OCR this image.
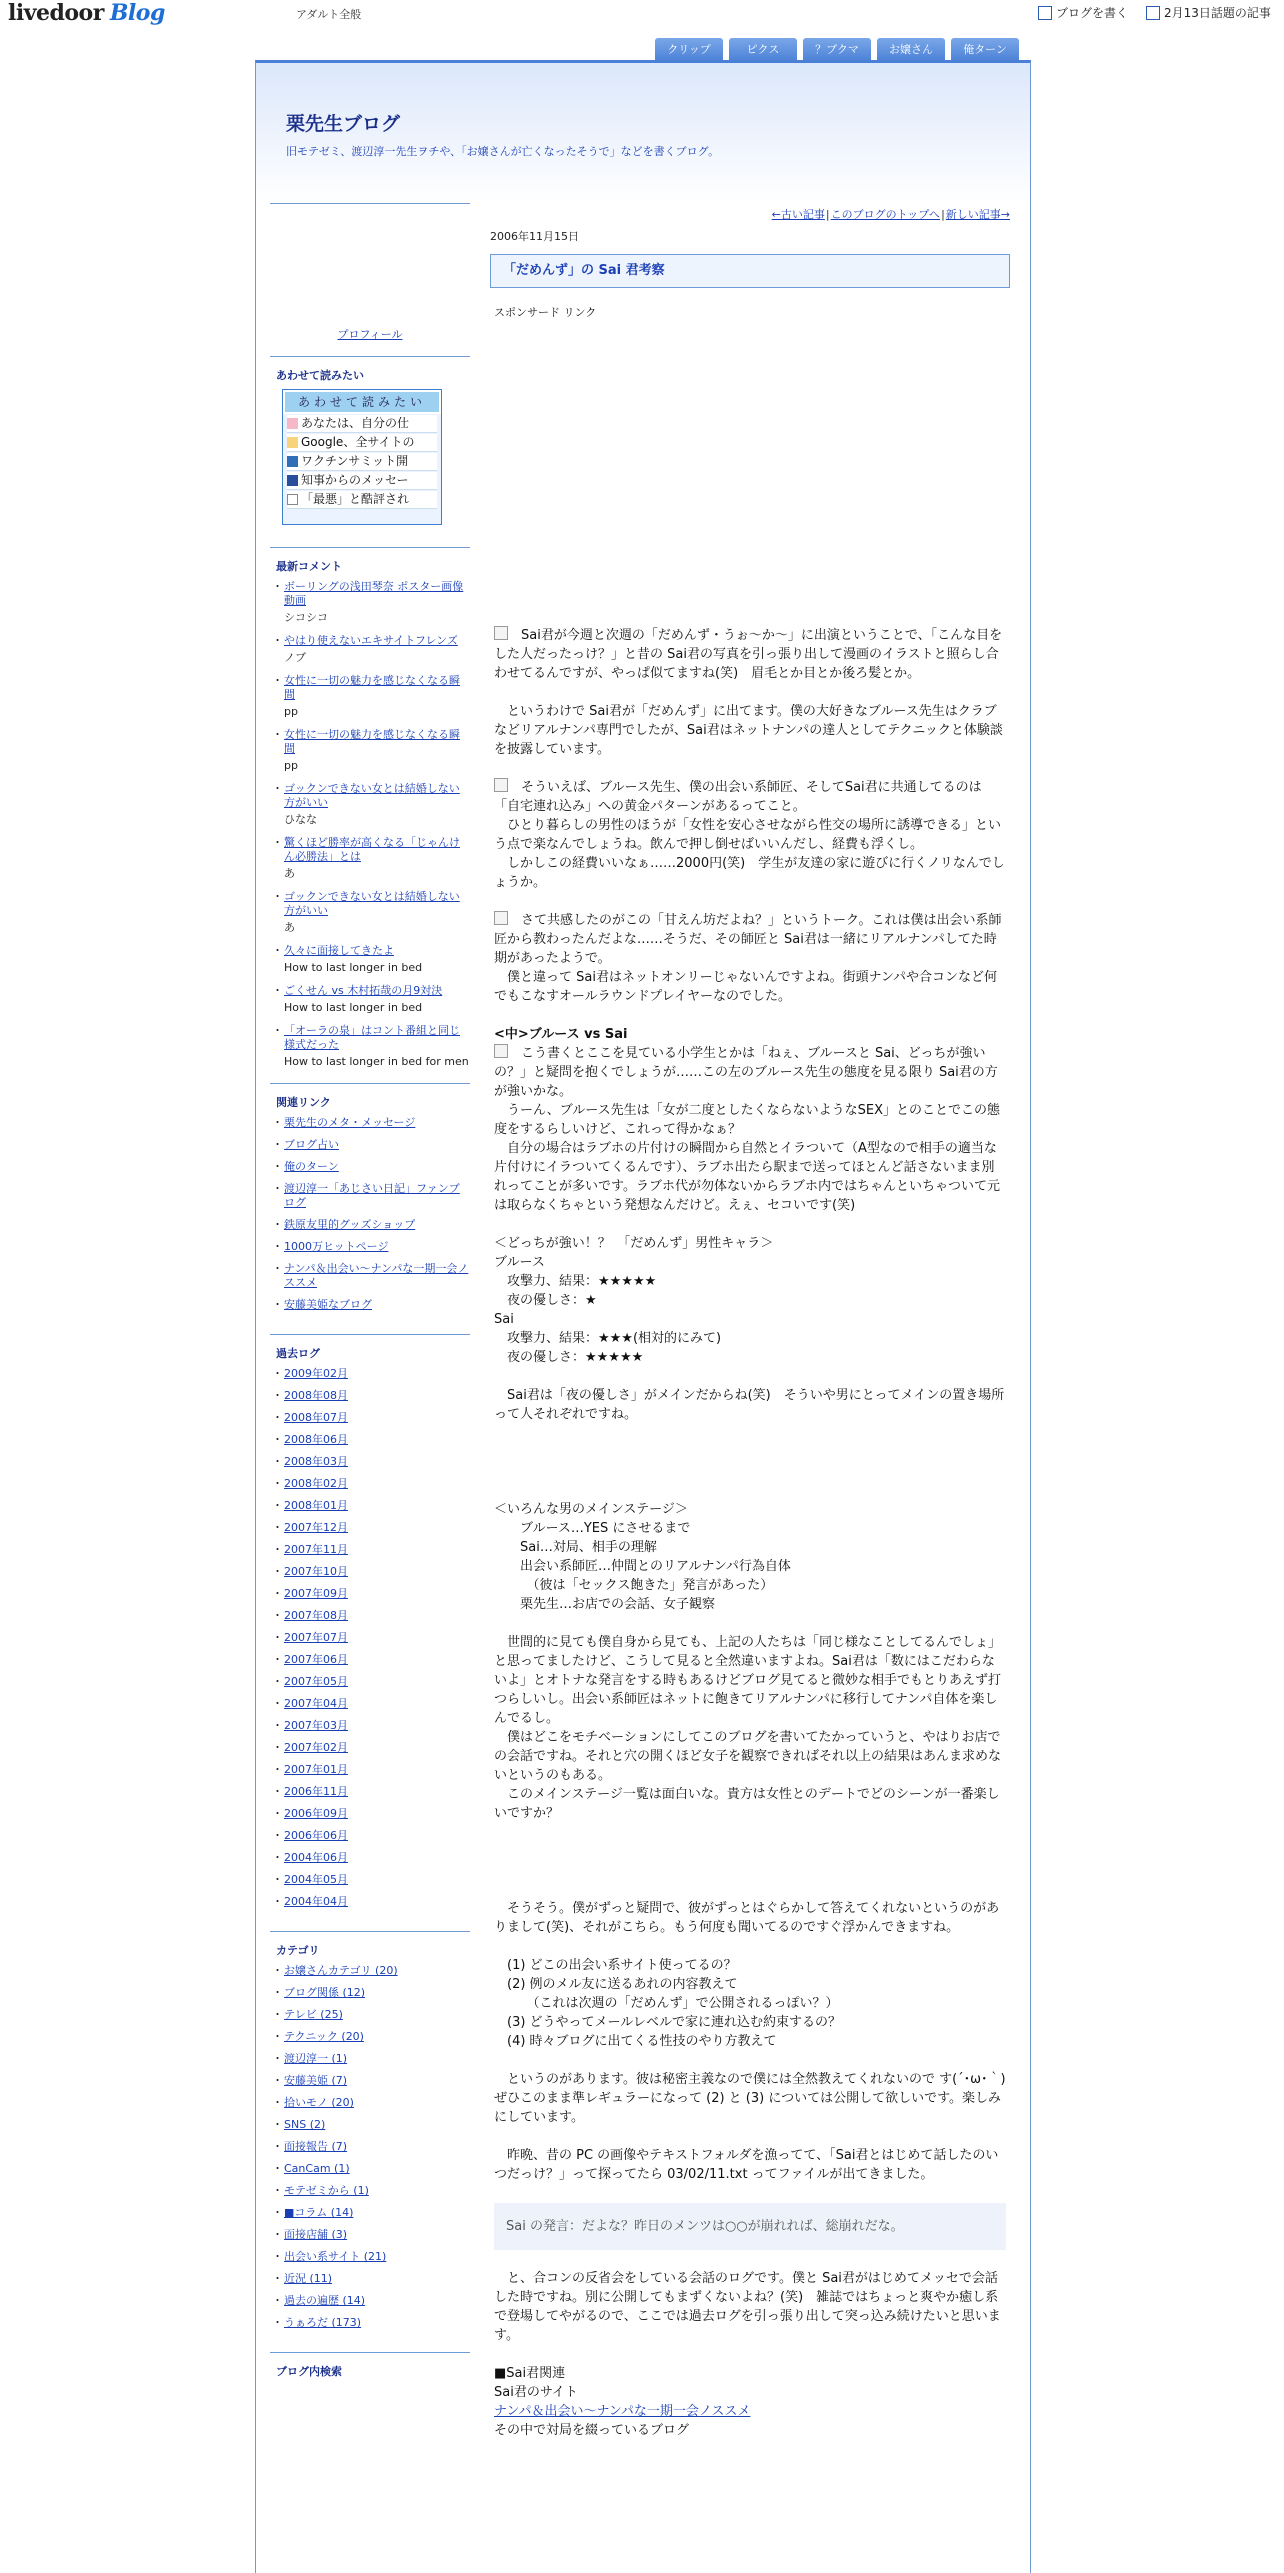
livedoor Blog	アダルト全般	ブログを書く	2月13日話題の記事
クリップ	ピクス	？ブクマ	お嬢さん	俺ターン
栗先生ブログ
旧モテゼミ、渡辺淳一先生ヲチや、「お嬢さんが亡くなったそうで」などを書くブログ。
プロフィール
あわせて読みたい
あわせて読みたい
あなたは、自分の仕
Google、全サイトの
ワクチンサミット開
知事からのメッセー
「最悪」と酷評され
最新コメント
・ ボーリングの浅田琴奈 ポスター画像 動画
シコシコ
・ やはり使えないエキサイトフレンズ
ノブ
・ 女性に一切の魅力を感じなくなる瞬間
pp
・ 女性に一切の魅力を感じなくなる瞬間
pp
・ ゴックンできない女とは結婚しない方がいい
ひなな
・ 驚くほど勝率が高くなる「じゃんけん必勝法」とは
あ
・ ゴックンできない女とは結婚しない方がいい
あ
・ 久々に面接してきたよ
How to last longer in bed
・ ごくせん vs 木村拓哉の月9対決
How to last longer in bed
・ 「オーラの泉」はコント番組と同じ様式だった
How to last longer in bed for men
関連リンク
・ 栗先生のメタ・メッセージ
・ ブログ占い
・ 俺のターン
・ 渡辺淳一「あじさい日記」ファンブログ
・ 鉄原友里的グッズショップ
・ 1000万ヒットページ
・ ナンパ＆出会い～ナンパな一期一会ノススメ
・ 安藤美姫なブログ
過去ログ
・ 2009年02月
・ 2008年08月
・ 2008年07月
・ 2008年06月
・ 2008年03月
・ 2008年02月
・ 2008年01月
・ 2007年12月
・ 2007年11月
・ 2007年10月
・ 2007年09月
・ 2007年08月
・ 2007年07月
・ 2007年06月
・ 2007年05月
・ 2007年04月
・ 2007年03月
・ 2007年02月
・ 2007年01月
・ 2006年11月
・ 2006年09月
・ 2006年06月
・ 2004年06月
・ 2004年05月
・ 2004年04月
カテゴリ
・ お嬢さんカテゴリ (20)
・ ブログ関係 (12)
・ テレビ (25)
・ テクニック (20)
・ 渡辺淳一 (1)
・ 安藤美姫 (7)
・ 拾いモノ (20)
・ SNS (2)
・ 面接報告 (7)
・ CanCam (1)
・ モテゼミから (1)
・ ■コラム (14)
・ 面接店舗 (3)
・ 出会い系サイト (21)
・ 近況 (11)
・ 過去の遍歴 (14)
・ うぁろだ (173)
ブログ内検索
←古い記事|このブログのトップへ|新しい記事→
2006年11月15日
「だめんず」の Sai 君考察
スポンサード リンク

　Sai君が今週と次週の「だめんず・うぉ～か～」に出演ということで、「こんな目をした人だったっけ？」と昔の Sai君の写真を引っ張り出して漫画のイラストと照らし合わせてるんですが、やっぱ似てますね(笑)　眉毛とか目とか後ろ髪とか。

　というわけで Sai君が「だめんず」に出てます。僕の大好きなブルース先生はクラブなどリアルナンパ専門でしたが、Sai君はネットナンパの達人としてテクニックと体験談を披露しています。

　そういえば、ブルース先生、僕の出会い系師匠、そしてSai君に共通してるのは「自宅連れ込み」への黄金パターンがあるってこと。
　ひとり暮らしの男性のほうが「女性を安心させながら性交の場所に誘導できる」という点で楽なんでしょうね。飲んで押し倒せばいいんだし、経費も浮くし。
　しかしこの経費いいなぁ……2000円(笑)　学生が友達の家に遊びに行くノリなんでしょうか。

　さて共感したのがこの「甘えん坊だよね？」というトーク。これは僕は出会い系師匠から教わったんだよな……そうだ、その師匠と Sai君は一緒にリアルナンパしてた時期があったようで。
　僕と違って Sai君はネットオンリーじゃないんですよね。街頭ナンパや合コンなど何でもこなすオールラウンドプレイヤーなのでした。

<中>ブルース vs Sai

　こう書くとここを見ている小学生とかは「ねぇ、ブルースと Sai、どっちが強いの？」と疑問を抱くでしょうが……この左のブルース先生の態度を見る限り Sai君の方が強いかな。
　うーん、ブルース先生は「女が二度としたくならないようなSEX」とのことでこの態度をするらしいけど、これって得かなぁ？
　自分の場合はラブホの片付けの瞬間から自然とイラついて（A型なので相手の適当な片付けにイラついてくるんです）、ラブホ出たら駅まで送ってほとんど話さないまま別れってことが多いです。ラブホ代が勿体ないからラブホ内ではちゃんといちゃついて元は取らなくちゃという発想なんだけど。えぇ、セコいです(笑)

＜どっちが強い！？　「だめんず」男性キャラ＞
ブルース
　攻撃力、結果：★★★★★
　夜の優しさ：★
Sai
　攻撃力、結果：★★★(相対的にみて)
　夜の優しさ：★★★★★

　Sai君は「夜の優しさ」がメインだからね(笑)　そういや男にとってメインの置き場所って人それぞれですね。

＜いろんな男のメインステージ＞
　　ブルース…YES にさせるまで
　　Sai…対局、相手の理解
　　出会い系師匠…仲間とのリアルナンパ行為自体
　　　（彼は「セックス飽きた」発言があった）
　　栗先生…お店での会話、女子観察

　世間的に見ても僕自身から見ても、上記の人たちは「同じ様なことしてるんでしょ」と思ってましたけど、こうして見ると全然違いますよね。Sai君は「数にはこだわらないよ」とオトナな発言をする時もあるけどブログ見てると微妙な相手でもとりあえず打つらしいし。出会い系師匠はネットに飽きてリアルナンパに移行してナンパ自体を楽しんでるし。
　僕はどこをモチベーションにしてこのブログを書いてたかっていうと、やはりお店での会話ですね。それと穴の開くほど女子を観察できればそれ以上の結果はあんま求めないというのもある。
　このメインステージ一覧は面白いな。貴方は女性とのデートでどのシーンが一番楽しいですか？

　そうそう。僕がずっと疑問で、彼がずっとはぐらかして答えてくれないというのがありまして(笑)、それがこちら。もう何度も聞いてるのですぐ浮かんできますね。

　(1) どこの出会い系サイト使ってるの？
　(2) 例のメル友に送るあれの内容教えて
　　　（これは次週の「だめんず」で公開されるっぽい？）
　(3) どうやってメールレベルで家に連れ込む約束するの？
　(4) 時々ブログに出てくる性技のやり方教えて

　というのがあります。彼は秘密主義なので僕には全然教えてくれないので す(´･ω･｀)　ぜひこのまま準レギュラーになって (2) と (3) については公開して欲しいです。楽しみにしています。

　昨晩、昔の PC の画像やテキストフォルダを漁ってて、「Sai君とはじめて話したのいつだっけ？」って探ってたら 03/02/11.txt ってファイルが出てきました。

Sai の発言：だよな？昨日のメンツは○○が崩れれば、総崩れだな。

　と、合コンの反省会をしている会話のログです。僕と Sai君がはじめてメッセで会話した時ですね。別に公開してもまずくないよね？(笑)　雑誌ではちょっと爽やか癒し系で登場してやがるので、ここでは過去ログを引っ張り出して突っ込み続けたいと思います。

■Sai君関連
Sai君のサイト
ナンパ＆出会い～ナンパな一期一会ノススメ
その中で対局を綴っているブログ
